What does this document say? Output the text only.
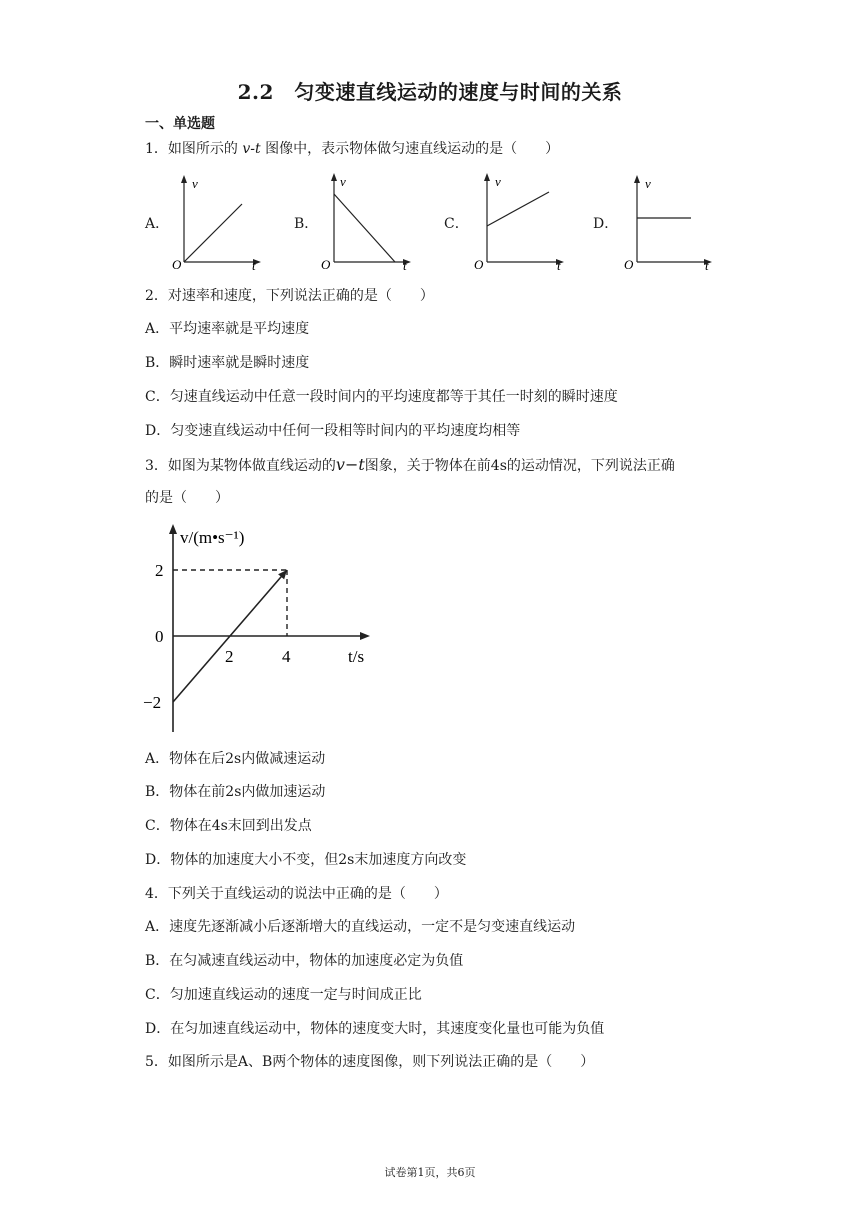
2.2　匀变速直线运动的速度与时间的关系
一、单选题
1．如图所示的 v-t 图像中，表示物体做匀速直线运动的是（　　）
A．
v
t
O
B．
v
t
O
C．
v
t
O
D．
v
t
O
2．对速率和速度，下列说法正确的是（　　）
A．平均速率就是平均速度
B．瞬时速率就是瞬时速度
C．匀速直线运动中任意一段时间内的平均速度都等于其任一时刻的瞬时速度
D．匀变速直线运动中任何一段相等时间内的平均速度均相等
3．如图为某物体做直线运动的v−t图象，关于物体在前4s的运动情况，下列说法正确
的是（　　）
v/(m•s⁻¹)
t/s
2	4
2
0
−2
A．物体在后2s内做减速运动
B．物体在前2s内做加速运动
C．物体在4s末回到出发点
D．物体的加速度大小不变，但2s末加速度方向改变
4．下列关于直线运动的说法中正确的是（　　）
A．速度先逐渐减小后逐渐增大的直线运动，一定不是匀变速直线运动
B．在匀减速直线运动中，物体的加速度必定为负值
C．匀加速直线运动的速度一定与时间成正比
D．在匀加速直线运动中，物体的速度变大时，其速度变化量也可能为负值
5．如图所示是A、B两个物体的速度图像，则下列说法正确的是（　　）
试卷第1页，共6页
